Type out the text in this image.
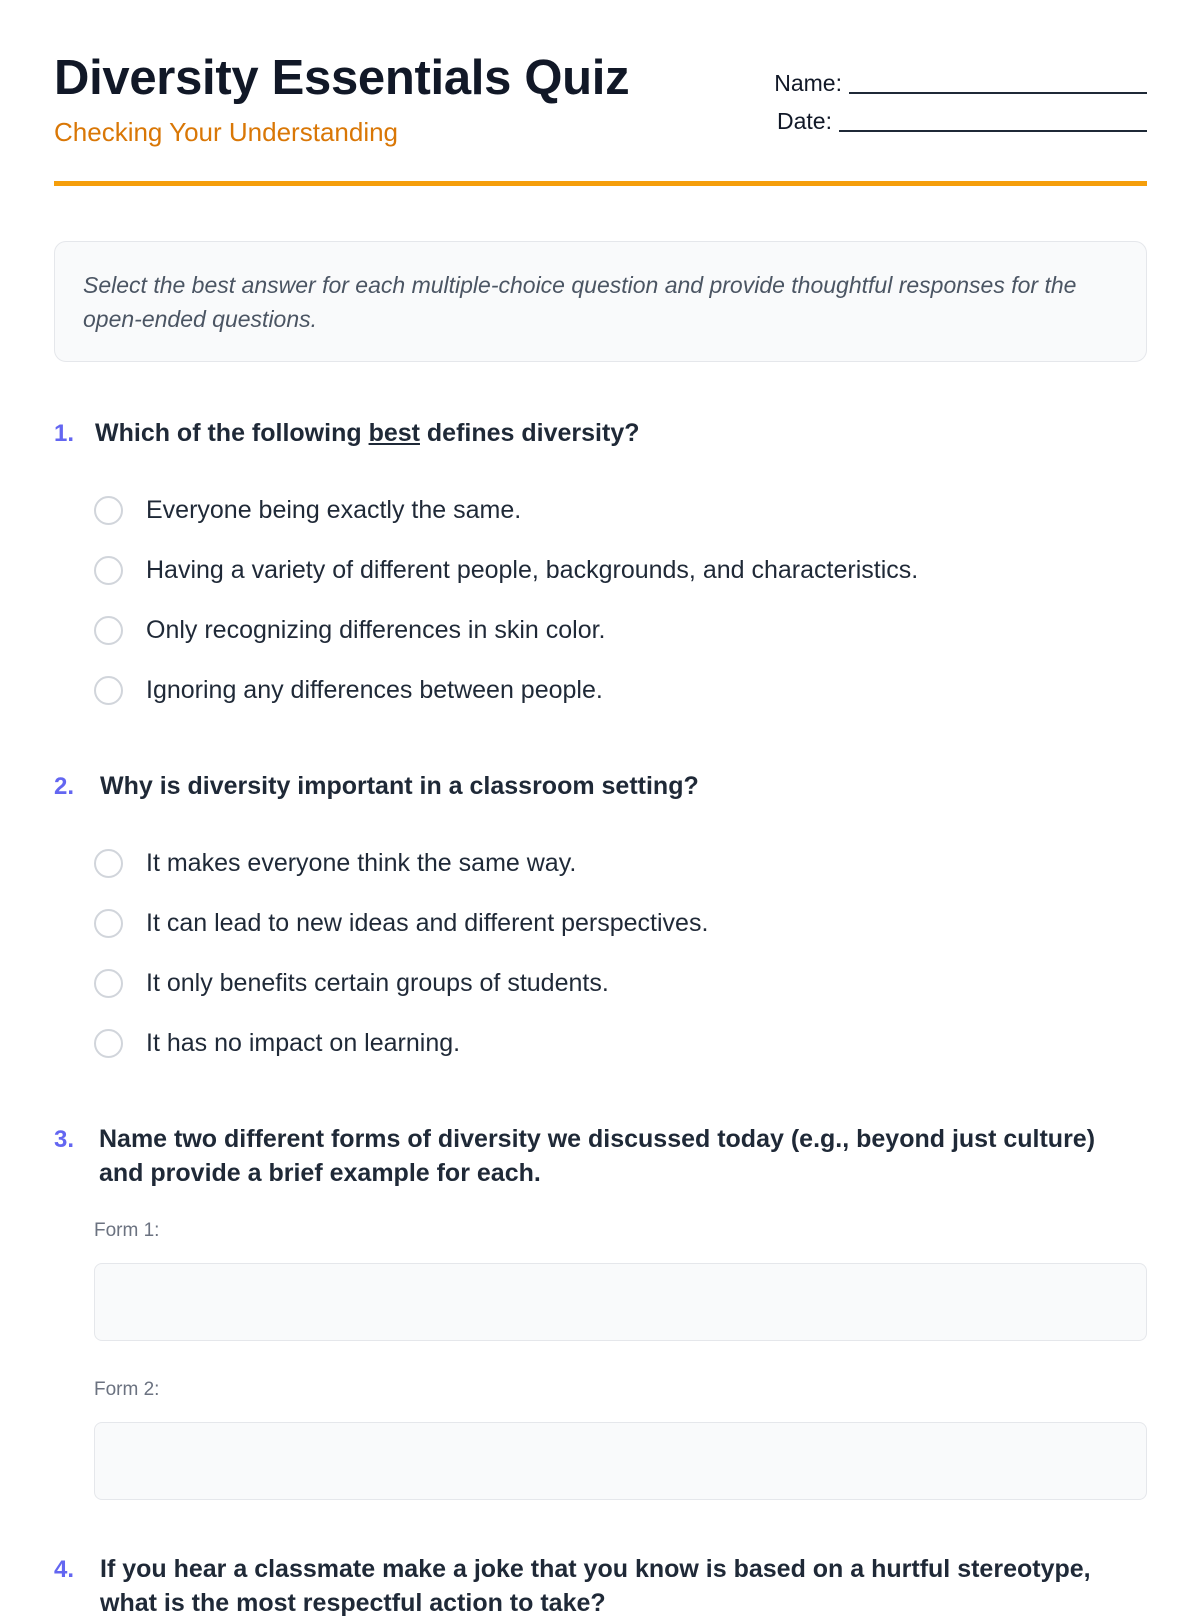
Diversity Essentials Quiz

Checking Your Understanding

Name:
Date:
Select the best answer for each multiple-choice question and provide thoughtful responses for the open-ended questions.
1. Which of the following best defines diversity?
Everyone being exactly the same.
Having a variety of different people, backgrounds, and characteristics.
Only recognizing differences in skin color.
Ignoring any differences between people.
2.	Why is diversity important in a classroom setting?
It makes everyone think the same way.
It can lead to new ideas and different perspectives.
It only benefits certain groups of students.
It has no impact on learning.
3. Name two different forms of diversity we discussed today (e.g., beyond just culture) and provide a brief example for each.
Form 1:
Form 2:
4.	If you hear a classmate make a joke that you know is based on a hurtful stereotype, what is the most respectful action to take?
